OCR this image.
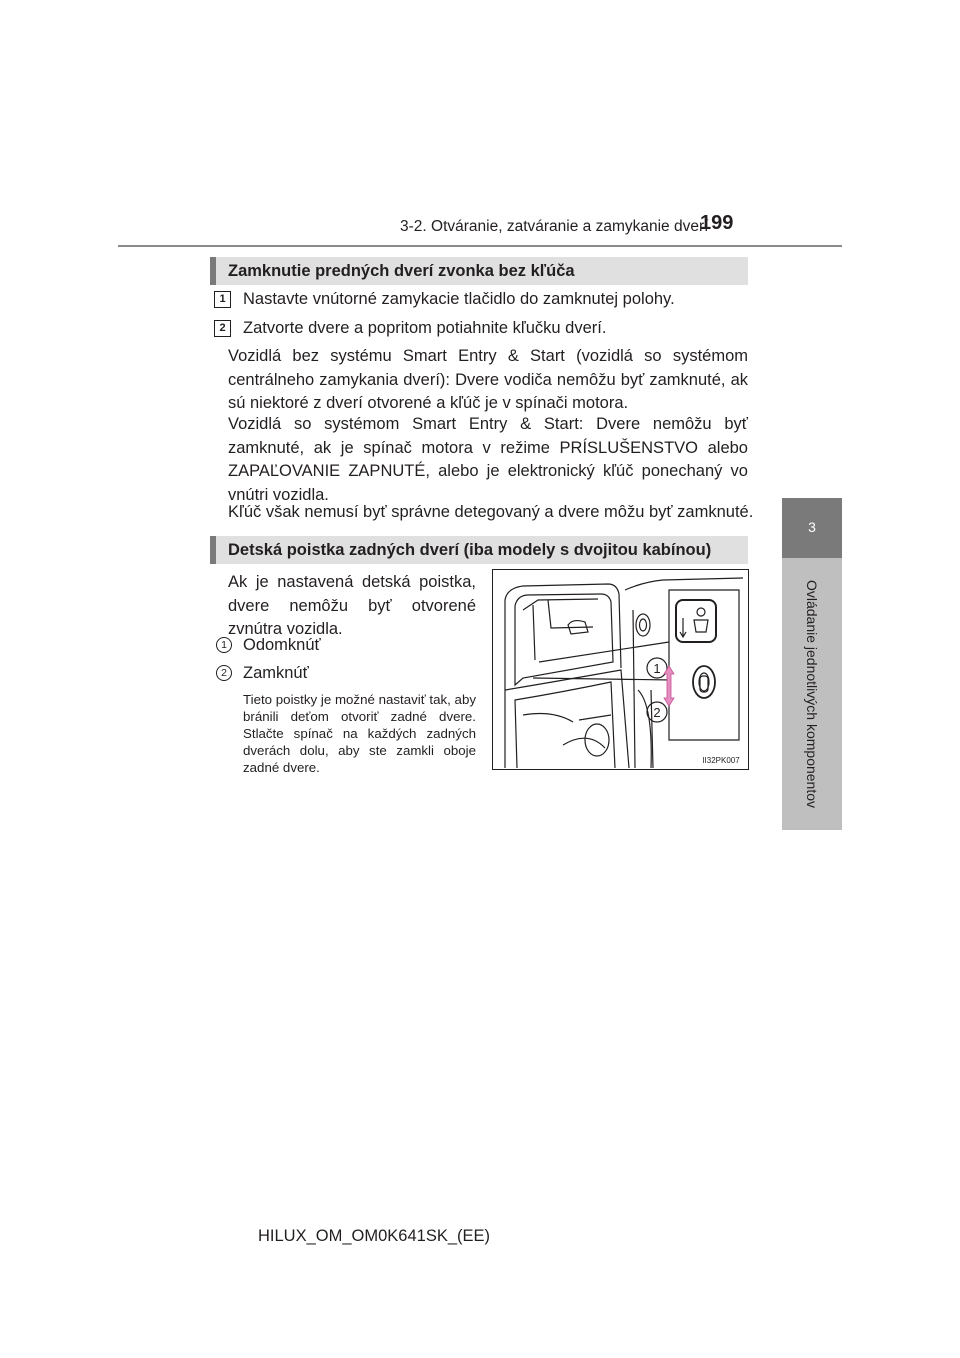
3-2. Otváranie, zatváranie a zamykanie dverí
199
3
Ovládanie jednotlivých komponentov
Zamknutie predných dverí zvonka bez kľúča
1	Nastavte vnútorné zamykacie tlačidlo do zamknutej polohy.
2	Zatvorte dvere a popritom potiahnite kľučku dverí.
Vozidlá bez systému Smart Entry & Start (vozidlá so systémom centrálneho zamykania dverí): Dvere vodiča nemôžu byť zamknuté, ak sú niektoré z dverí otvorené a kľúč je v spínači motora.
Vozidlá so systémom Smart Entry & Start: Dvere nemôžu byť zamknuté, ak je spínač motora v režime PRÍSLUŠENSTVO alebo ZAPAĽOVANIE ZAPNUTÉ, alebo je elektronický kľúč ponechaný vo vnútri vozidla.
Kľúč však nemusí byť správne detegovaný a dvere môžu byť zamknuté.
Detská poistka zadných dverí (iba modely s dvojitou kabínou)
Ak je nastavená detská poistka, dvere nemôžu byť otvorené zvnútra vozidla.
1 Odomknúť
2 Zamknúť
Tieto poistky je možné nastaviť tak, aby bránili deťom otvoriť zadné dvere. Stlačte spínač na každých zadných dverách dolu, aby ste zamkli oboje zadné dvere.
1
2
II32PK007
HILUX_OM_OM0K641SK_(EE)
